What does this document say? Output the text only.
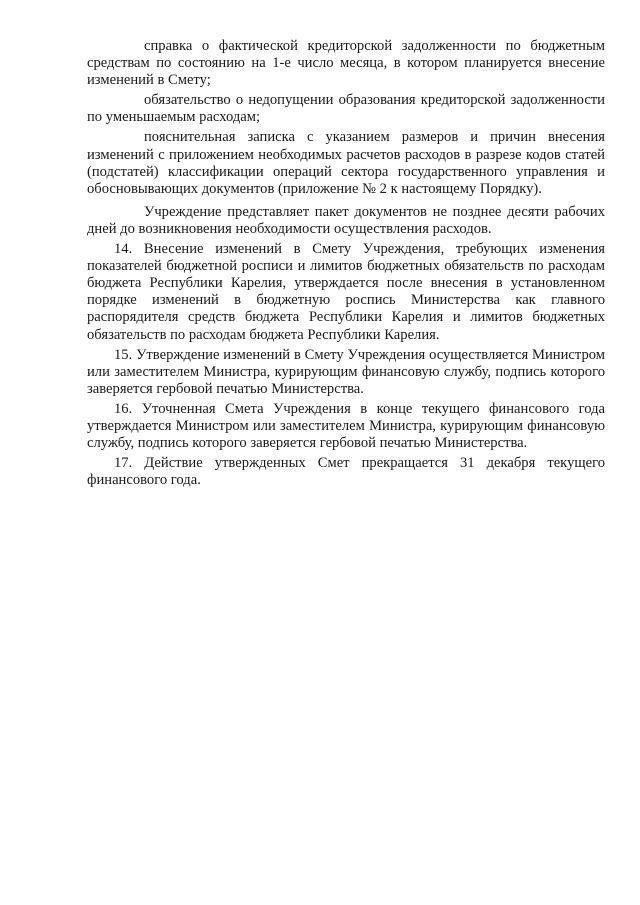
справка о фактической кредиторской задолженности по бюджетным средствам по состоянию на 1-е число месяца, в котором планируется внесение изменений в Смету;

обязательство о недопущении образования кредиторской задолженности по уменьшаемым расходам;

пояснительная записка с указанием размеров и причин внесения изменений с приложением необходимых расчетов расходов в разрезе кодов статей (подстатей) классификации операций сектора государственного управления и обосновывающих документов (приложение № 2 к настоящему Порядку).

Учреждение представляет пакет документов не позднее десяти рабочих дней до возникновения необходимости осуществления расходов.

14. Внесение изменений в Смету Учреждения, требующих изменения показателей бюджетной росписи и лимитов бюджетных обязательств по расходам бюджета Республики Карелия, утверждается после внесения в установленном порядке изменений в бюджетную роспись Министерства как главного распорядителя средств бюджета Республики Карелия и лимитов бюджетных обязательств по расходам бюджета Республики Карелия.

15. Утверждение изменений в Смету Учреждения осуществляется Министром или заместителем Министра, курирующим финансовую службу, подпись которого заверяется гербовой печатью Министерства.

16. Уточненная Смета Учреждения в конце текущего финансового года утверждается Министром или заместителем Министра, курирующим финансовую службу, подпись которого заверяется гербовой печатью Министерства.

17. Действие утвержденных Смет прекращается 31 декабря текущего финансового года.
